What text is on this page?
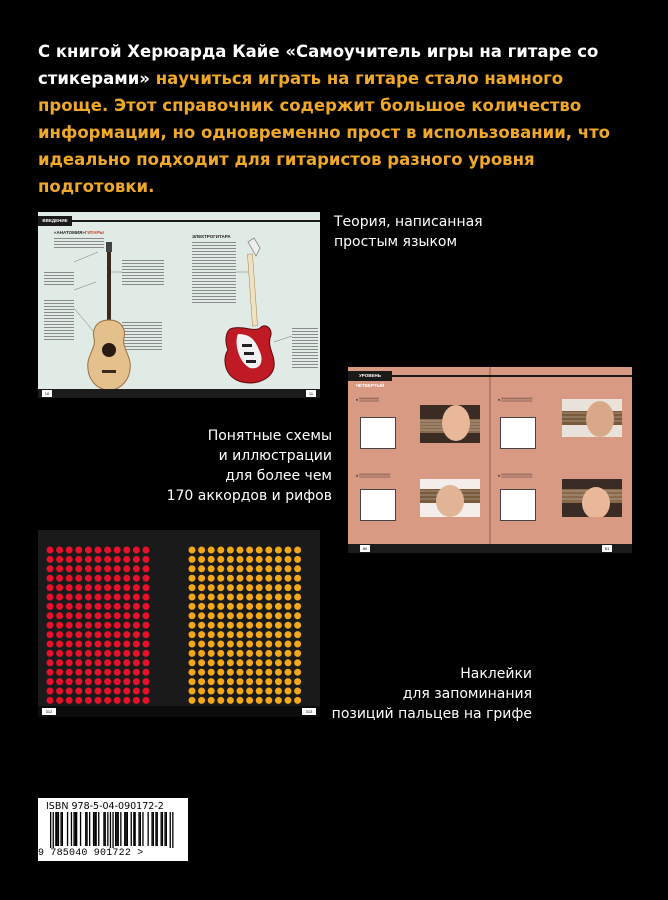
С книгой Херюарда Кайе «Самоучитель игры на гитаре со стикерами» научиться играть на гитаре стало намного проще. Этот справочник содержит большое количество информации, но одновременно прост в использовании, что идеально подходит для гитаристов разного уровня подготовки.

ВВЕДЕНИЕ
«АНАТОМИЯ»ГИТАРЫ
ЭЛЕКТРОГИТАРА
10	11
Теория, написанная
простым языком
УРОВЕНЬ ЧЕТВЕРТЫЙ
♦ ▒▒▒▒▒▒▒	♦ ▒▒▒▒▒▒▒▒▒▒▒
♦ ▒▒▒▒▒▒▒▒▒▒▒	♦ ▒▒▒▒▒▒▒▒▒▒▒
80	81
Понятные схемы
и иллюстрации
для более чем
170 аккордов и рифов
312	313
Наклейки
для запоминания
позиций пальцев на грифе
ISBN 978-5-04-090172-2
9 785040 901722 >
